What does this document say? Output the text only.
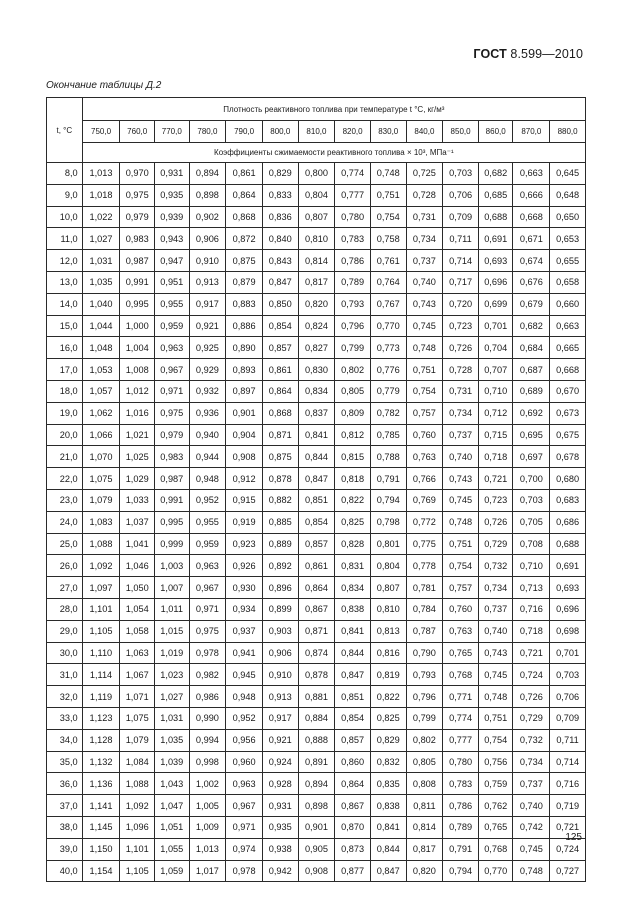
ГОСТ 8.599—2010
Окончание таблицы Д.2
t, °C	Плотность реактивного топлива при температуре t °C, кг/м³													
	750,0	760,0	770,0	780,0	790,0	800,0	810,0	820,0	830,0	840,0	850,0	860,0	870,0	880,0
	Коэффициенты сжимаемости реактивного топлива × 10³, МПа⁻¹													
8,0	1,013	0,970	0,931	0,894	0,861	0,829	0,800	0,774	0,748	0,725	0,703	0,682	0,663	0,645
9,0	1,018	0,975	0,935	0,898	0,864	0,833	0,804	0,777	0,751	0,728	0,706	0,685	0,666	0,648
10,0	1,022	0,979	0,939	0,902	0,868	0,836	0,807	0,780	0,754	0,731	0,709	0,688	0,668	0,650
11,0	1,027	0,983	0,943	0,906	0,872	0,840	0,810	0,783	0,758	0,734	0,711	0,691	0,671	0,653
12,0	1,031	0,987	0,947	0,910	0,875	0,843	0,814	0,786	0,761	0,737	0,714	0,693	0,674	0,655
13,0	1,035	0,991	0,951	0,913	0,879	0,847	0,817	0,789	0,764	0,740	0,717	0,696	0,676	0,658
14,0	1,040	0,995	0,955	0,917	0,883	0,850	0,820	0,793	0,767	0,743	0,720	0,699	0,679	0,660
15,0	1,044	1,000	0,959	0,921	0,886	0,854	0,824	0,796	0,770	0,745	0,723	0,701	0,682	0,663
16,0	1,048	1,004	0,963	0,925	0,890	0,857	0,827	0,799	0,773	0,748	0,726	0,704	0,684	0,665
17,0	1,053	1,008	0,967	0,929	0,893	0,861	0,830	0,802	0,776	0,751	0,728	0,707	0,687	0,668
18,0	1,057	1,012	0,971	0,932	0,897	0,864	0,834	0,805	0,779	0,754	0,731	0,710	0,689	0,670
19,0	1,062	1,016	0,975	0,936	0,901	0,868	0,837	0,809	0,782	0,757	0,734	0,712	0,692	0,673
20,0	1,066	1,021	0,979	0,940	0,904	0,871	0,841	0,812	0,785	0,760	0,737	0,715	0,695	0,675
21,0	1,070	1,025	0,983	0,944	0,908	0,875	0,844	0,815	0,788	0,763	0,740	0,718	0,697	0,678
22,0	1,075	1,029	0,987	0,948	0,912	0,878	0,847	0,818	0,791	0,766	0,743	0,721	0,700	0,680
23,0	1,079	1,033	0,991	0,952	0,915	0,882	0,851	0,822	0,794	0,769	0,745	0,723	0,703	0,683
24,0	1,083	1,037	0,995	0,955	0,919	0,885	0,854	0,825	0,798	0,772	0,748	0,726	0,705	0,686
25,0	1,088	1,041	0,999	0,959	0,923	0,889	0,857	0,828	0,801	0,775	0,751	0,729	0,708	0,688
26,0	1,092	1,046	1,003	0,963	0,926	0,892	0,861	0,831	0,804	0,778	0,754	0,732	0,710	0,691
27,0	1,097	1,050	1,007	0,967	0,930	0,896	0,864	0,834	0,807	0,781	0,757	0,734	0,713	0,693
28,0	1,101	1,054	1,011	0,971	0,934	0,899	0,867	0,838	0,810	0,784	0,760	0,737	0,716	0,696
29,0	1,105	1,058	1,015	0,975	0,937	0,903	0,871	0,841	0,813	0,787	0,763	0,740	0,718	0,698
30,0	1,110	1,063	1,019	0,978	0,941	0,906	0,874	0,844	0,816	0,790	0,765	0,743	0,721	0,701
31,0	1,114	1,067	1,023	0,982	0,945	0,910	0,878	0,847	0,819	0,793	0,768	0,745	0,724	0,703
32,0	1,119	1,071	1,027	0,986	0,948	0,913	0,881	0,851	0,822	0,796	0,771	0,748	0,726	0,706
33,0	1,123	1,075	1,031	0,990	0,952	0,917	0,884	0,854	0,825	0,799	0,774	0,751	0,729	0,709
34,0	1,128	1,079	1,035	0,994	0,956	0,921	0,888	0,857	0,829	0,802	0,777	0,754	0,732	0,711
35,0	1,132	1,084	1,039	0,998	0,960	0,924	0,891	0,860	0,832	0,805	0,780	0,756	0,734	0,714
36,0	1,136	1,088	1,043	1,002	0,963	0,928	0,894	0,864	0,835	0,808	0,783	0,759	0,737	0,716
37,0	1,141	1,092	1,047	1,005	0,967	0,931	0,898	0,867	0,838	0,811	0,786	0,762	0,740	0,719
38,0	1,145	1,096	1,051	1,009	0,971	0,935	0,901	0,870	0,841	0,814	0,789	0,765	0,742	0,721
39,0	1,150	1,101	1,055	1,013	0,974	0,938	0,905	0,873	0,844	0,817	0,791	0,768	0,745	0,724
40,0	1,154	1,105	1,059	1,017	0,978	0,942	0,908	0,877	0,847	0,820	0,794	0,770	0,748	0,727
125
